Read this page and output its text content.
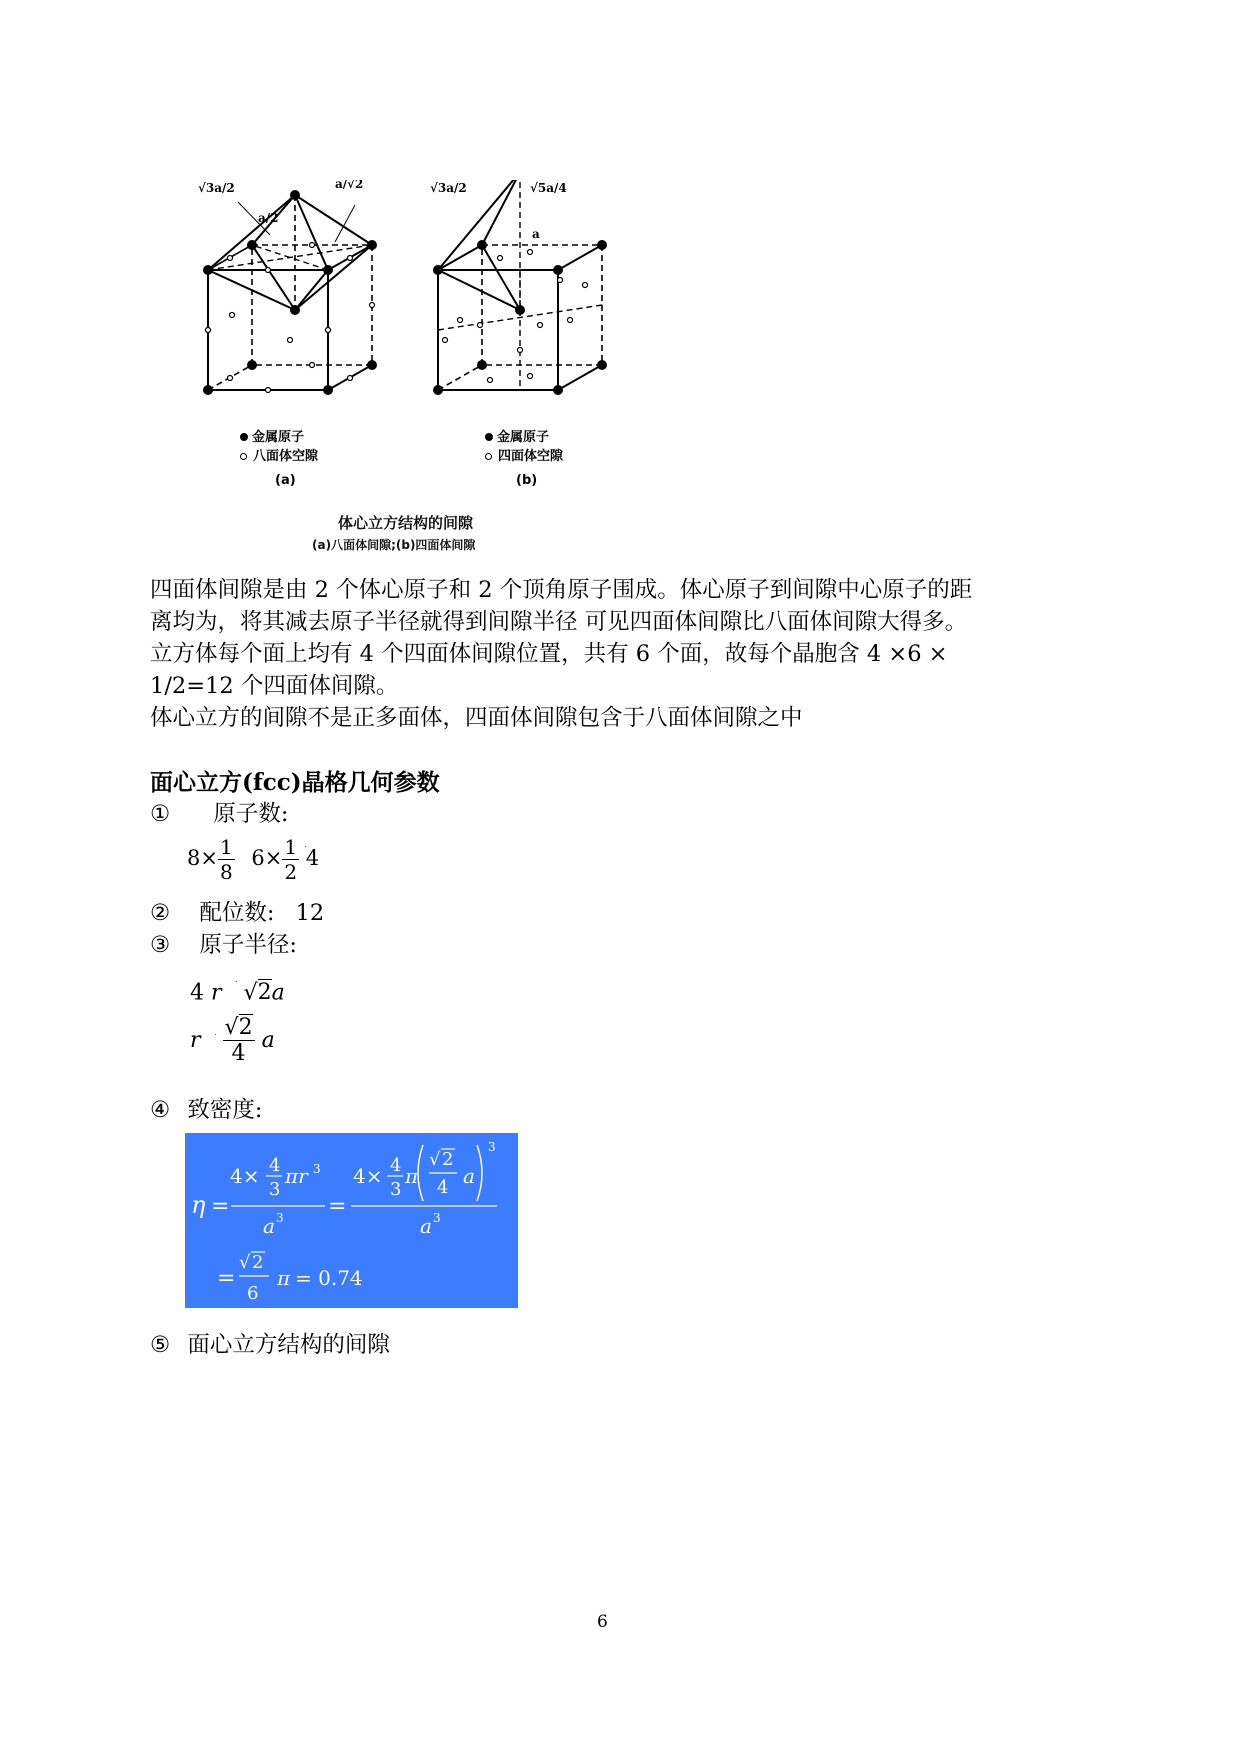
√3a/2	a/√2
a/2
√3a/2	√5a/4
a
金属原子
八面体空隙
金属原子
四面体空隙
(a)	(b)
体心立方结构的间隙
(a)八面体间隙;(b)四面体间隙
四面体间隙是由 2 个体心原子和 2 个顶角原子围成。体心原子到间隙中心原子的距
离均为，将其减去原子半径就得到间隙半径 可见四面体间隙比八面体间隙大得多。
立方体每个面上均有 4 个四面体间隙位置，共有 6 个面，故每个晶胞含 4 ×6 ×
1/2=12 个四面体间隙。
体心立方的间隙不是正多面体，四面体间隙包含于八面体间隙之中
面心立方(fcc)晶格几何参数
① 原子数:
$8\times \frac{1}{8} 6\times \frac{1}{2} 4$
② 配位数: 12
③ 原子半径:
4 r √2a
r $\frac{√2}{4}$ a
④ 致密度:
η =
4× 4
3
πr 3
a 3 =
4× 4
3
π
√ 2
4 a
3
a 3
=
√ 2
6
π = 0.74
⑤ 面心立方结构的间隙
6
